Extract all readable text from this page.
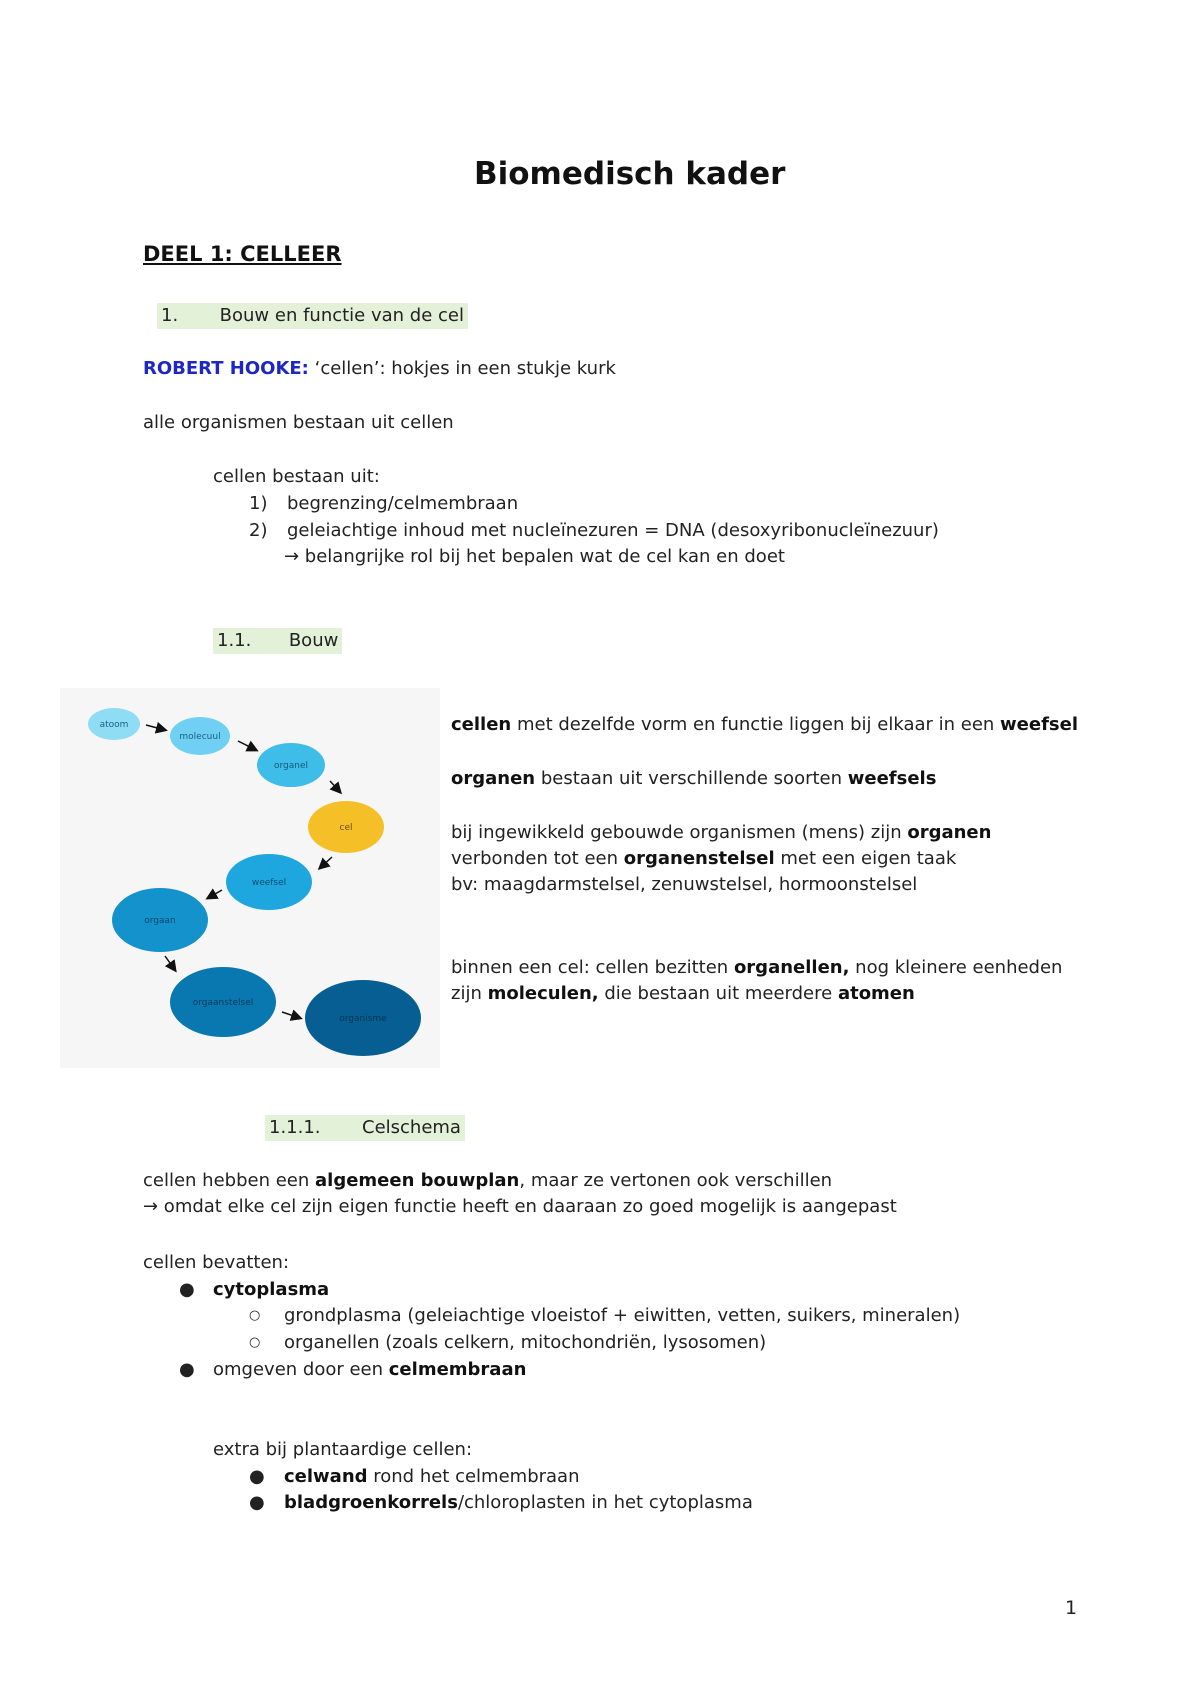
Biomedisch kader
DEEL 1: CELLEER
1. Bouw en functie van de cel
ROBERT HOOKE: ‘cellen’: hokjes in een stukje kurk
alle organismen bestaan uit cellen
cellen bestaan uit:
1) begrenzing/celmembraan
2) geleiachtige inhoud met nucleïnezuren = DNA (desoxyribonucleïnezuur)
→ belangrijke rol bij het bepalen wat de cel kan en doet
1.1. Bouw
atoom
molecuul
organel
cel
weefsel
orgaan
orgaanstelsel
organisme
cellen met dezelfde vorm en functie liggen bij elkaar in een weefsel
organen bestaan uit verschillende soorten weefsels
bij ingewikkeld gebouwde organismen (mens) zijn organen
verbonden tot een organenstelsel met een eigen taak
bv: maagdarmstelsel, zenuwstelsel, hormoonstelsel
binnen een cel: cellen bezitten organellen, nog kleinere eenheden
zijn moleculen, die bestaan uit meerdere atomen
1.1.1. Celschema
cellen hebben een algemeen bouwplan, maar ze vertonen ook verschillen
→ omdat elke cel zijn eigen functie heeft en daaraan zo goed mogelijk is aangepast
cellen bevatten:
● cytoplasma
○ grondplasma (geleiachtige vloeistof + eiwitten, vetten, suikers, mineralen)
○ organellen (zoals celkern, mitochondriën, lysosomen)
● omgeven door een celmembraan
extra bij plantaardige cellen:
● celwand rond het celmembraan
● bladgroenkorrels/chloroplasten in het cytoplasma
1
